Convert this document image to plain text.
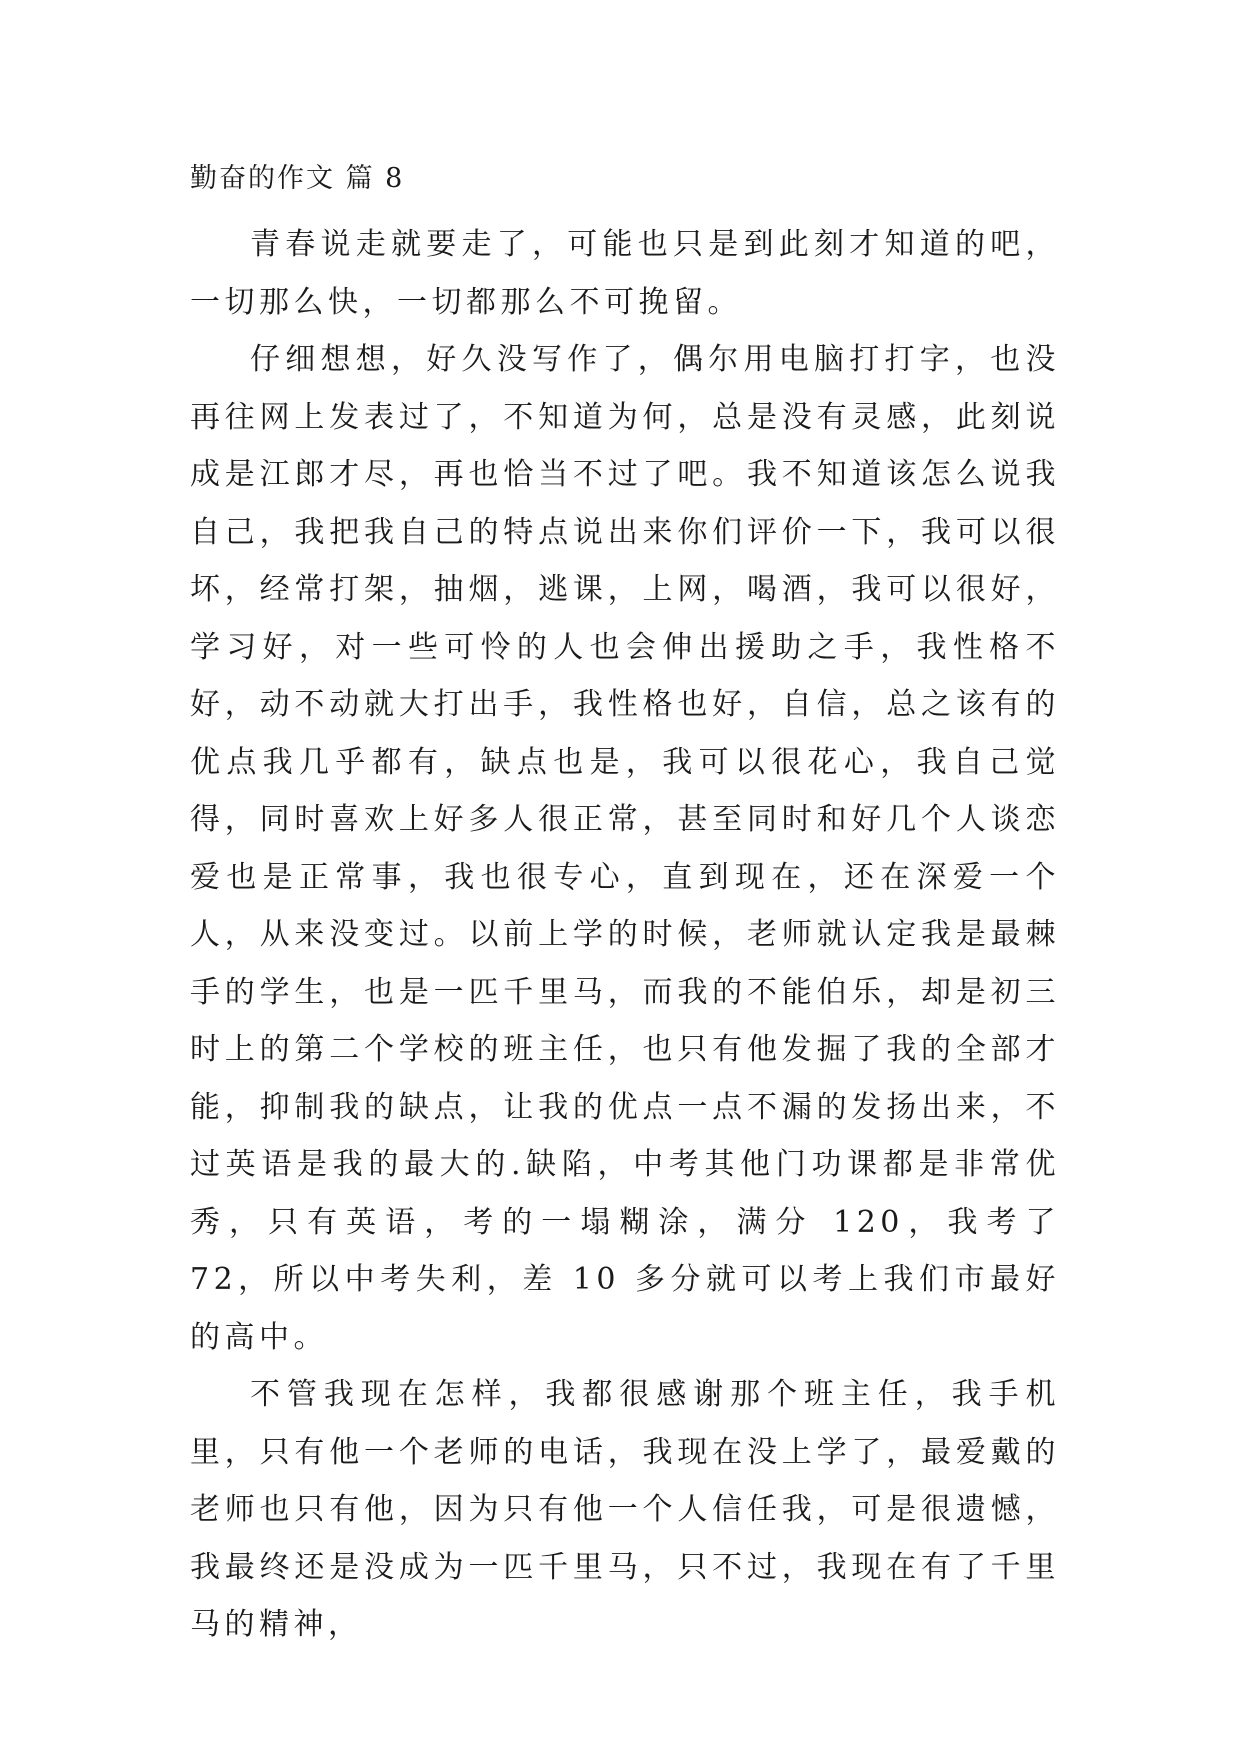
勤奋的作文 篇 8

青春说走就要走了，可能也只是到此刻才知道的吧，一切那么快，一切都那么不可挽留。

仔细想想，好久没写作了，偶尔用电脑打打字，也没再往网上发表过了，不知道为何，总是没有灵感，此刻说成是江郎才尽，再也恰当不过了吧。我不知道该怎么说我自己，我把我自己的特点说出来你们评价一下，我可以很坏，经常打架，抽烟，逃课，上网，喝酒，我可以很好，学习好，对一些可怜的人也会伸出援助之手，我性格不好，动不动就大打出手，我性格也好，自信，总之该有的优点我几乎都有，缺点也是，我可以很花心，我自己觉得，同时喜欢上好多人很正常，甚至同时和好几个人谈恋爱也是正常事，我也很专心，直到现在，还在深爱一个人，从来没变过。以前上学的时候，老师就认定我是最棘手的学生，也是一匹千里马，而我的不能伯乐，却是初三时上的第二个学校的班主任，也只有他发掘了我的全部才能，抑制我的缺点，让我的优点一点不漏的发扬出来，不过英语是我的最大的.缺陷，中考其他门功课都是非常优秀，只有英语，考的一塌糊涂，满分 120，我考了 72，所以中考失利，差 10 多分就可以考上我们市最好的高中。

不管我现在怎样，我都很感谢那个班主任，我手机里，只有他一个老师的电话，我现在没上学了，最爱戴的老师也只有他，因为只有他一个人信任我，可是很遗憾，我最终还是没成为一匹千里马，只不过，我现在有了千里马的精神，
